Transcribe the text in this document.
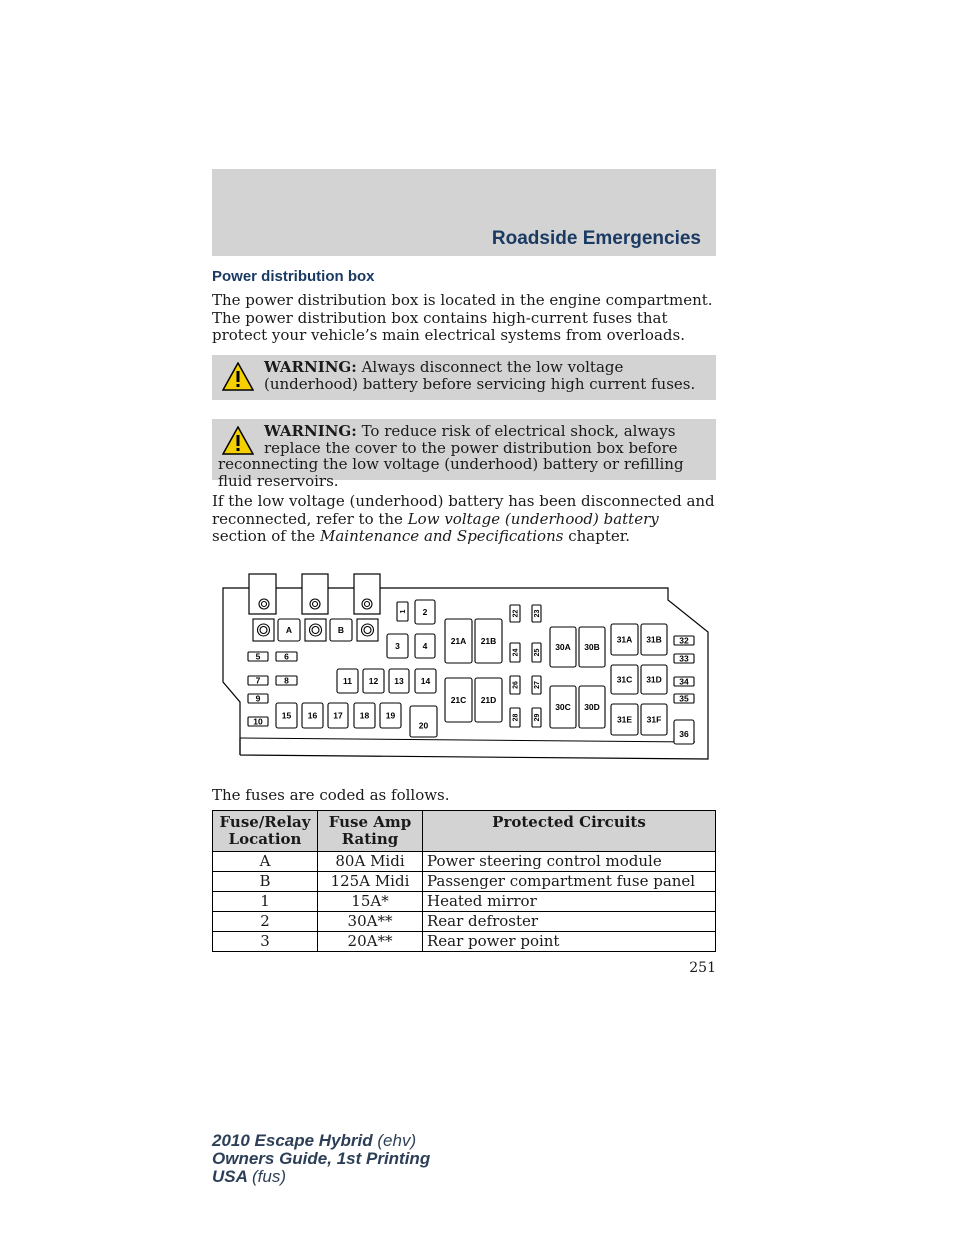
Roadside Emergencies
Power distribution box
The power distribution box is located in the engine compartment. The power distribution box contains high-current fuses that protect your vehicle’s main electrical systems from overloads.
WARNING: Always disconnect the low voltage (underhood) battery before servicing high current fuses.
WARNING: To reduce risk of electrical shock, always replace the cover to the power distribution box before reconnecting the low voltage (underhood) battery or refilling fluid reservoirs.
If the low voltage (underhood) battery has been disconnected and reconnected, refer to the Low voltage (underhood) battery section of the Maintenance and Specifications chapter.
A	B
1 2
3	4
5	6
7	8
9
10
11 12 13 14
15 16 17 18 19
20
21A 21B
21C 21D
22 23
24 25
26 27
28 29
30A 30B
30C 30D
31A 31B
31C 31D
31E 31F
32
33
34
35
36
The fuses are coded as follows.
Fuse/Relay Location	Fuse Amp Rating	Protected Circuits
A	80A Midi	Power steering control module
B	125A Midi	Passenger compartment fuse panel
1	15A*	Heated mirror
2	30A**	Rear defroster
3	20A**	Rear power point
251
2010 Escape Hybrid (ehv)
Owners Guide, 1st Printing
USA (fus)
